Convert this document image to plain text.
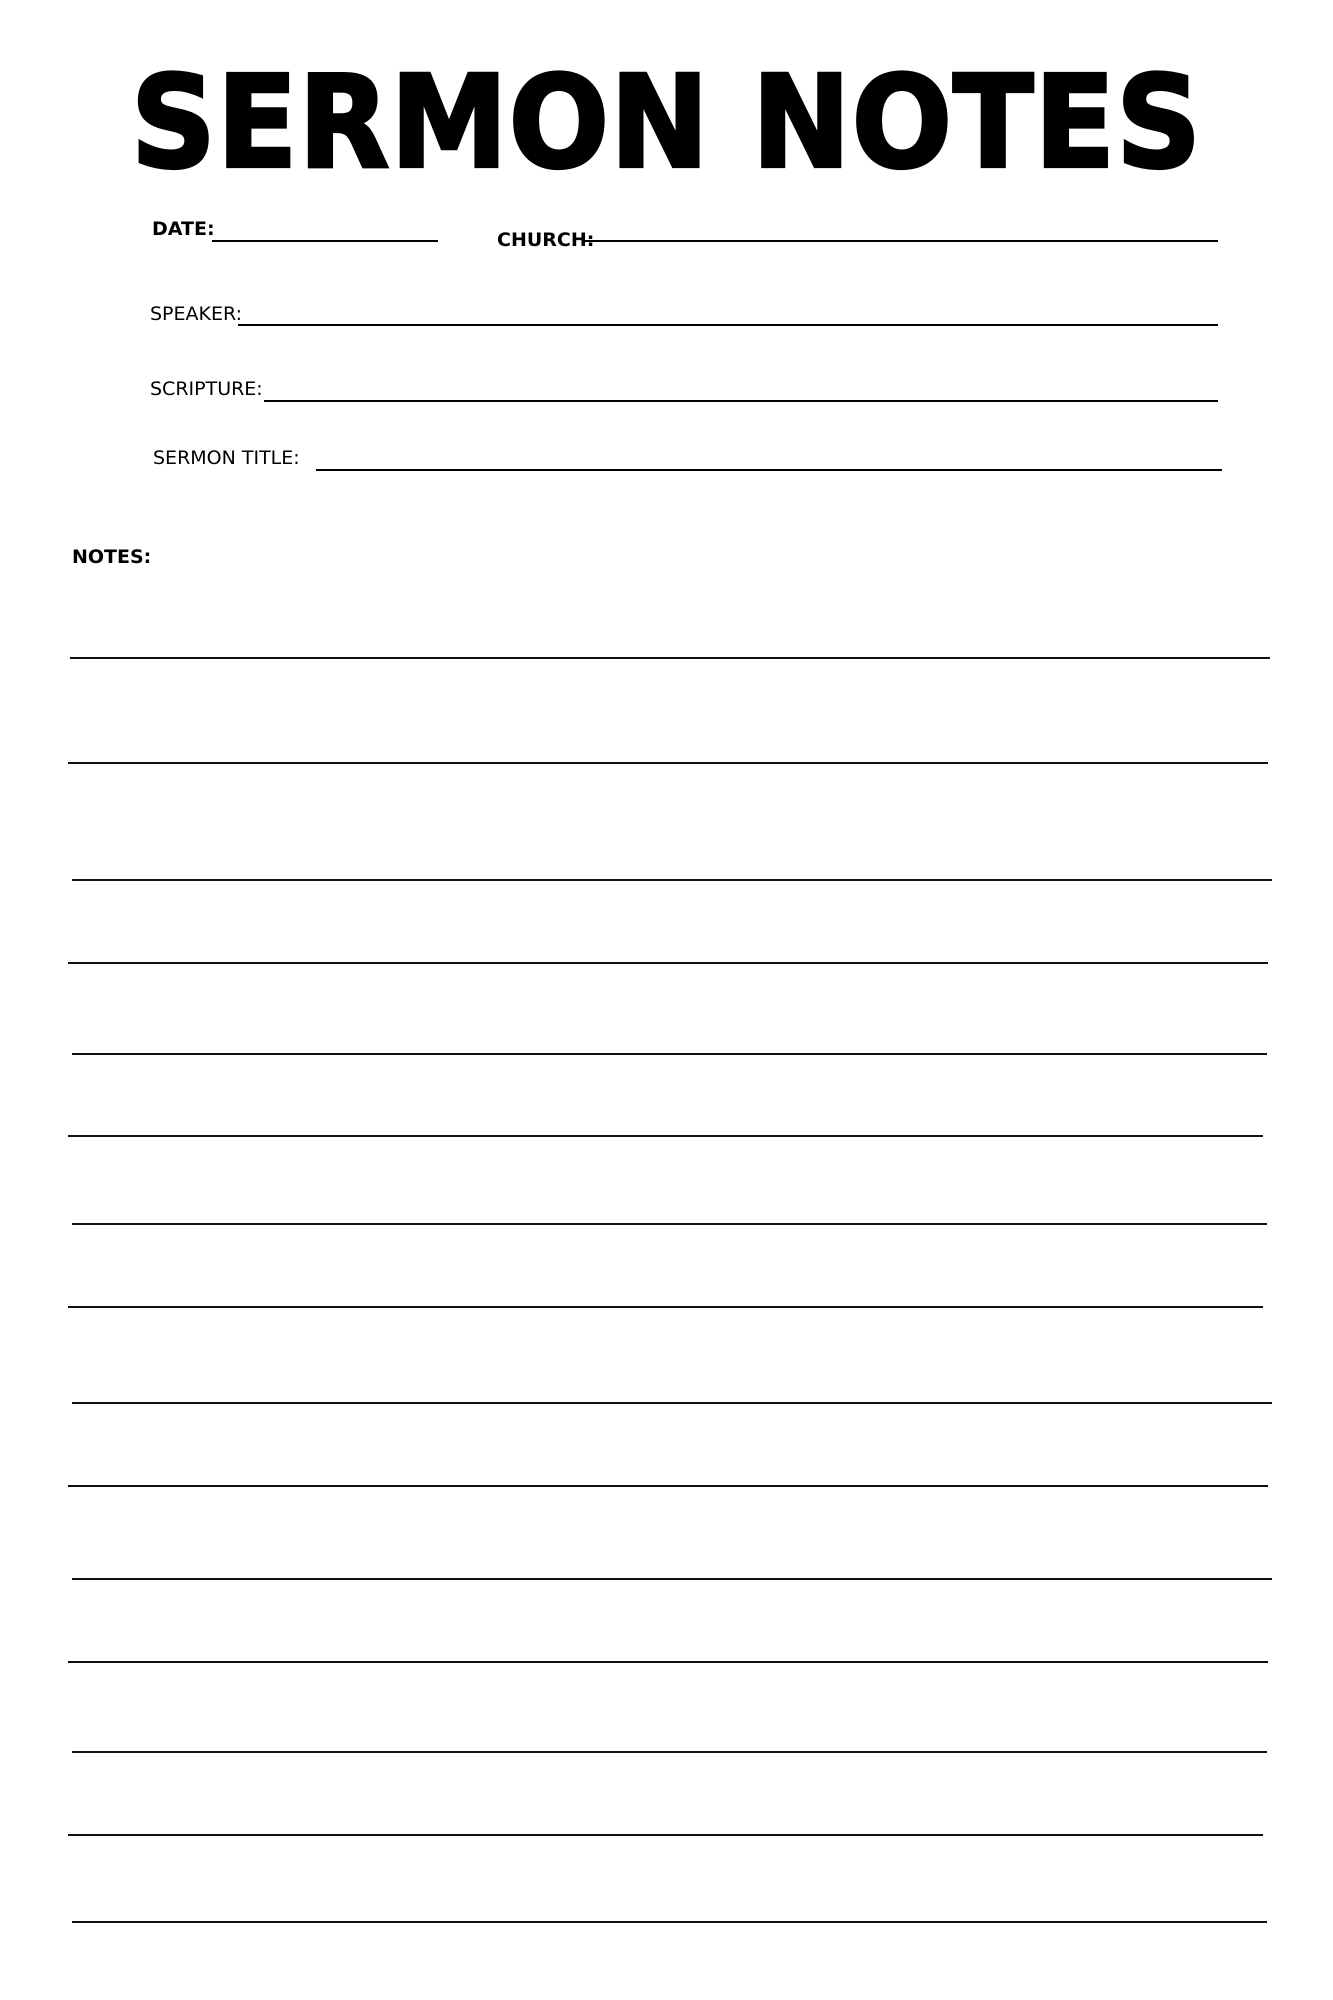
SERMON NOTES
DATE:	CHURCH:
SPEAKER:
SCRIPTURE:
SERMON TITLE:
NOTES:
